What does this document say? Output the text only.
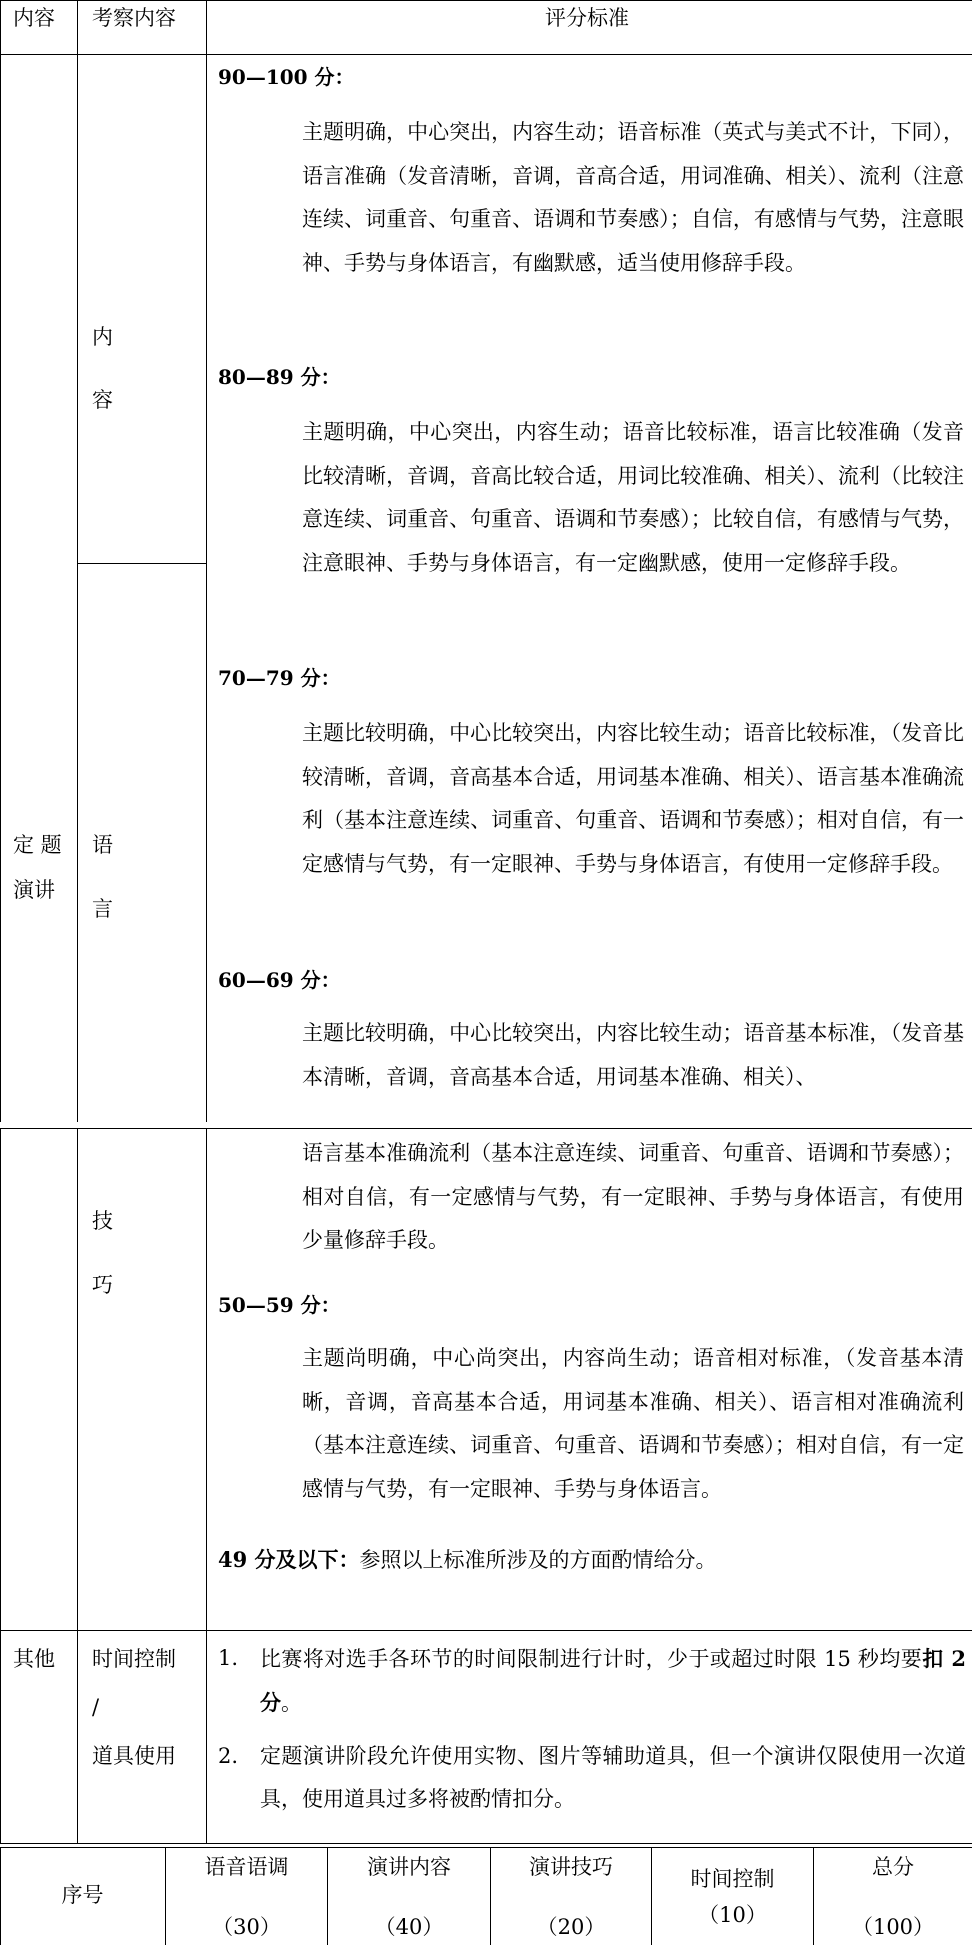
内容 考察内容	评分标准
内
容
定 题
演讲
语
言
90—100 分：

主题明确，中心突出，内容生动；语音标准（英式与美式不计，下同），语言准确（发音清晰，音调，音高合适，用词准确、相关）、流利（注意连续、词重音、句重音、语调和节奏感）；自信，有感情与气势，注意眼神、手势与身体语言，有幽默感，适当使用修辞手段。

80—89 分：

主题明确，中心突出，内容生动；语音比较标准，语言比较准确（发音比较清晰，音调，音高比较合适，用词比较准确、相关）、流利（比较注意连续、词重音、句重音、语调和节奏感）；比较自信，有感情与气势，注意眼神、手势与身体语言，有一定幽默感，使用一定修辞手段。

70—79 分：

主题比较明确，中心比较突出，内容比较生动；语音比较标准，（发音比较清晰，音调，音高基本合适，用词基本准确、相关）、语言基本准确流利（基本注意连续、词重音、句重音、语调和节奏感）；相对自信，有一定感情与气势，有一定眼神、手势与身体语言，有使用一定修辞手段。

60—69 分：

主题比较明确，中心比较突出，内容比较生动；语音基本标准，（发音基本清晰，音调，音高基本合适，用词基本准确、相关）、

技
巧

语言基本准确流利（基本注意连续、词重音、句重音、语调和节奏感）；相对自信，有一定感情与气势，有一定眼神、手势与身体语言，有使用少量修辞手段。

50—59 分：

主题尚明确，中心尚突出，内容尚生动；语音相对标准，（发音基本清晰，音调，音高基本合适，用词基本准确、相关）、语言相对准确流利（基本注意连续、词重音、句重音、语调和节奏感）；相对自信，有一定感情与气势，有一定眼神、手势与身体语言。

49 分及以下：参照以上标准所涉及的方面酌情给分。

其他 时间控制
/
道具使用
1. 比赛将对选手各环节的时间限制进行计时，少于或超过时限 15 秒均要扣 2 分。
2. 定题演讲阶段允许使用实物、图片等辅助道具，但一个演讲仅限使用一次道具，使用道具过多将被酌情扣分。
序号
语音语调
（30）
演讲内容
（40）
演讲技巧
（20）
时间控制
（10）
总分
（100）
